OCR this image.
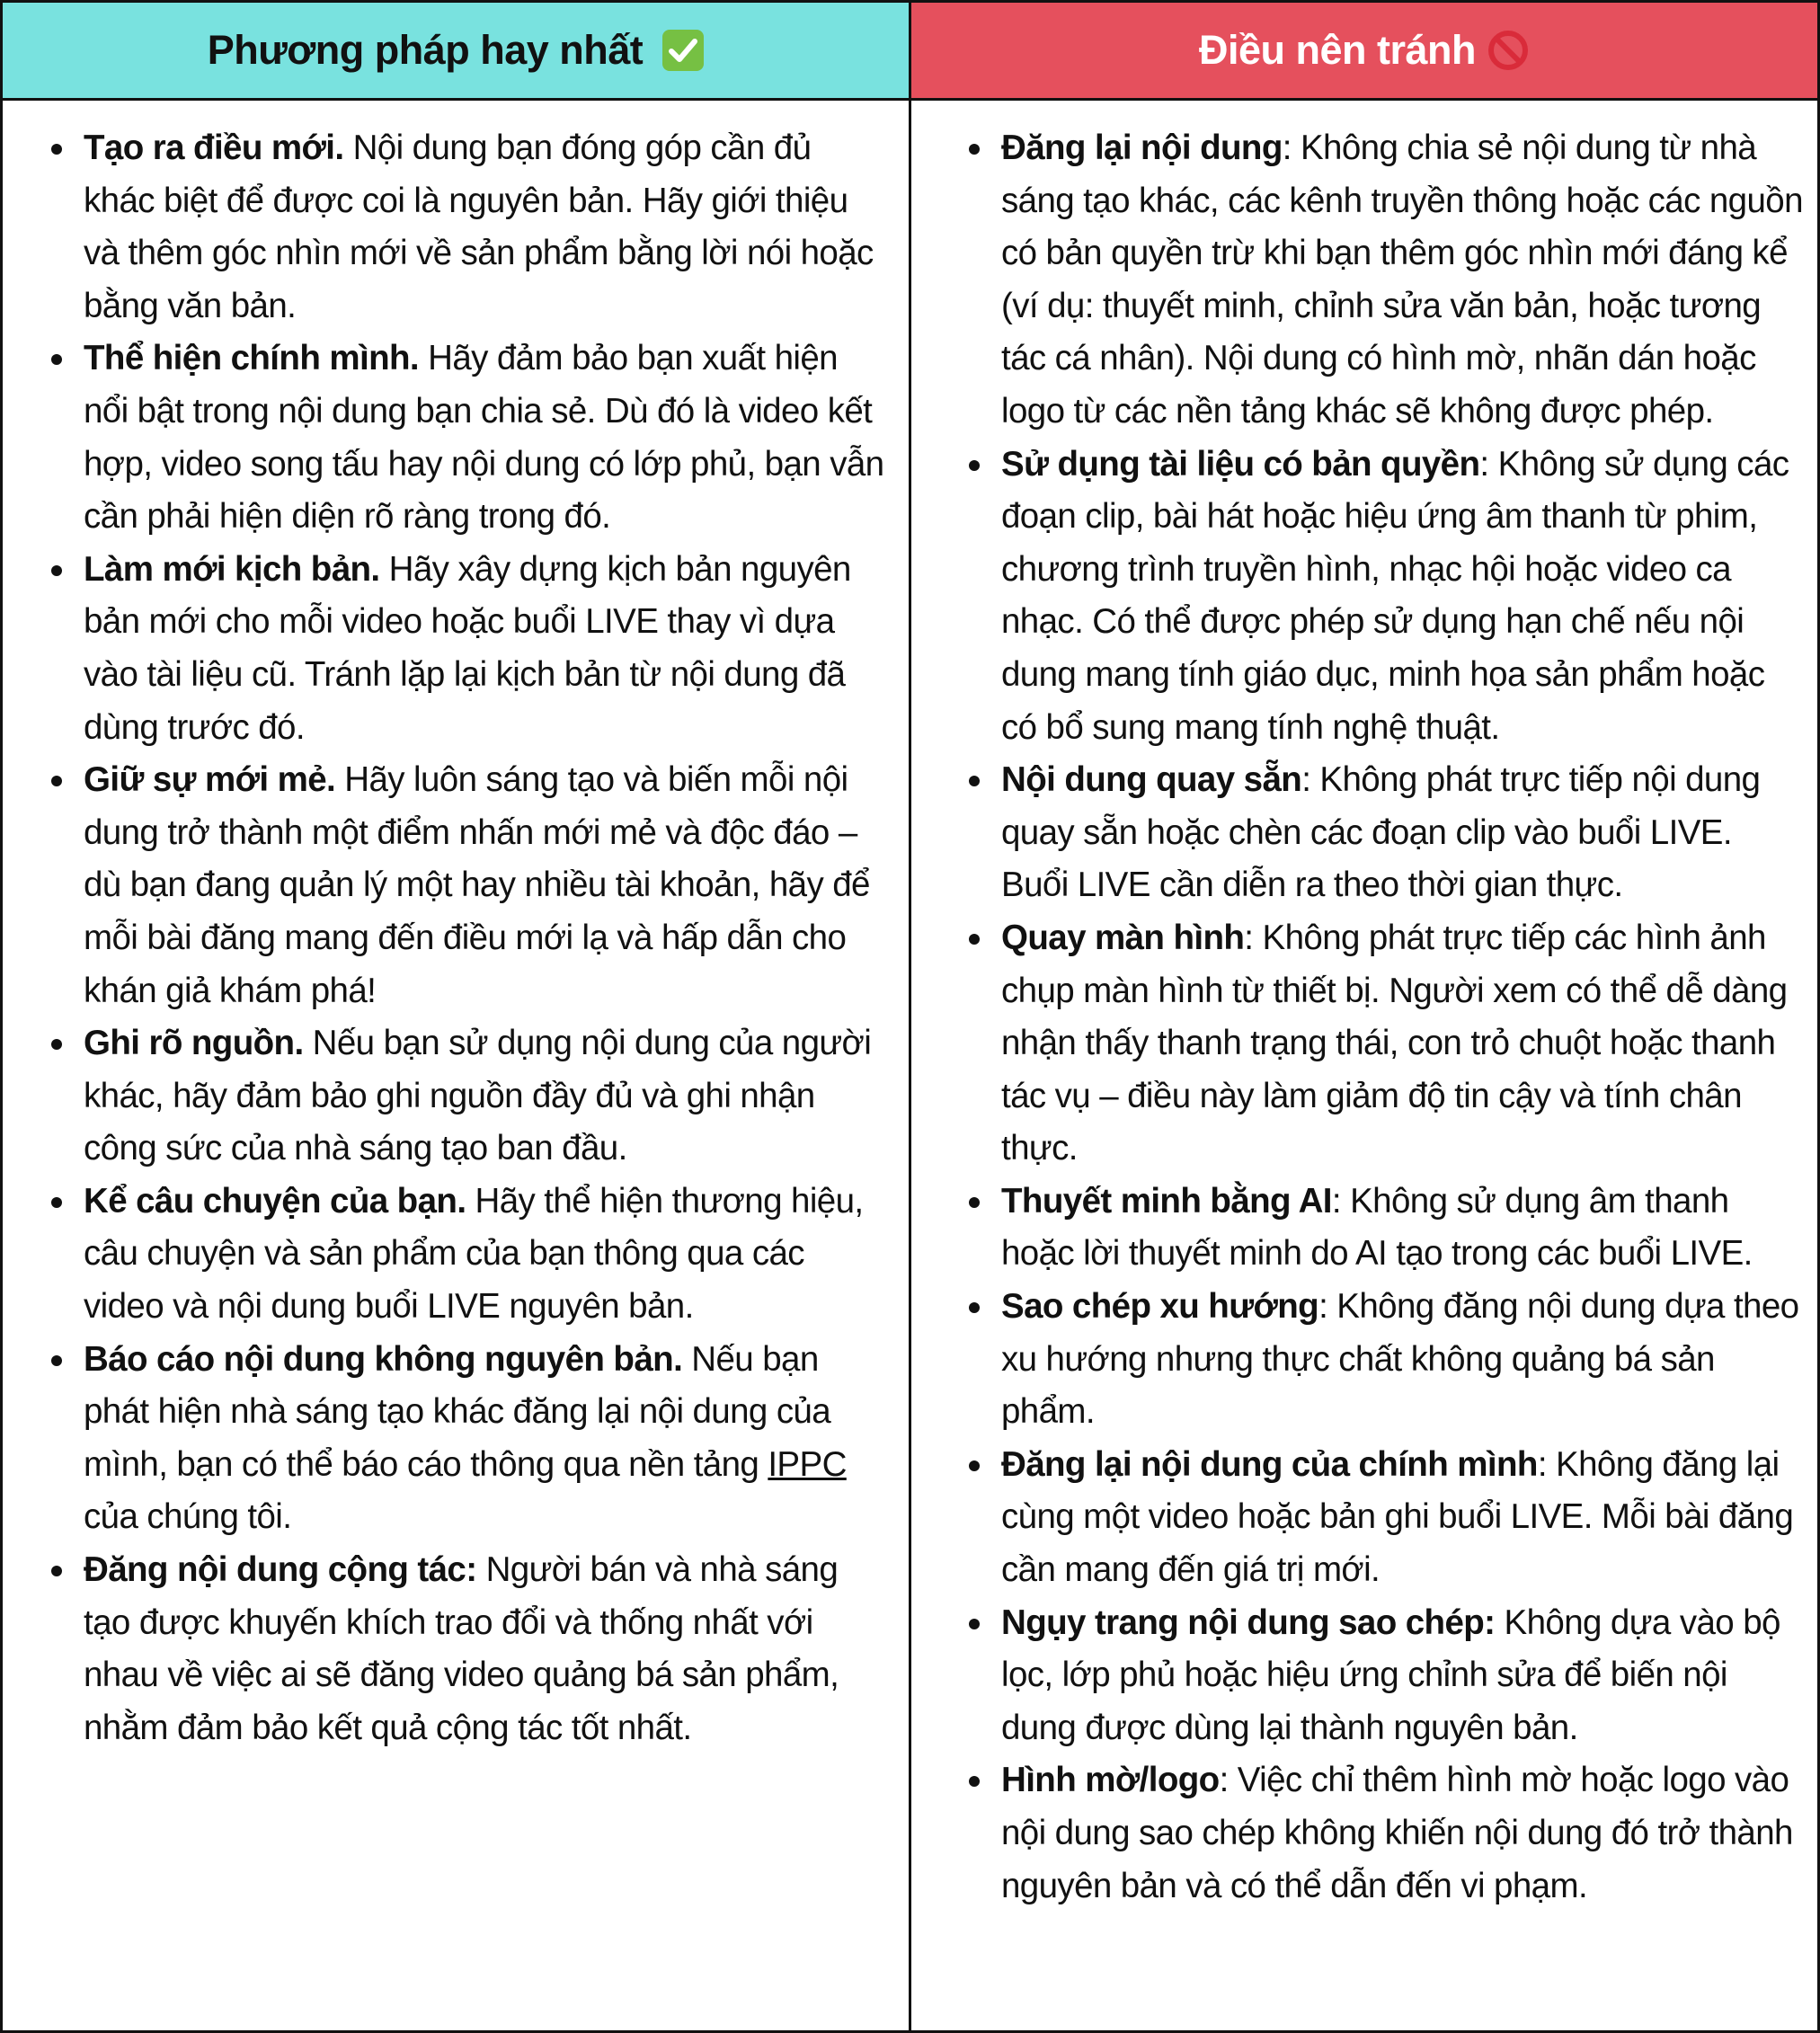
Phương pháp hay nhất
Tạo ra điều mới. Nội dung bạn đóng góp cần đủ khác biệt để được coi là nguyên bản. Hãy giới thiệu và thêm góc nhìn mới về sản phẩm bằng lời nói hoặc bằng văn bản.
Thể hiện chính mình. Hãy đảm bảo bạn xuất hiện nổi bật trong nội dung bạn chia sẻ. Dù đó là video kết hợp, video song tấu hay nội dung có lớp phủ, bạn vẫn cần phải hiện diện rõ ràng trong đó.
Làm mới kịch bản. Hãy xây dựng kịch bản nguyên bản mới cho mỗi video hoặc buổi LIVE thay vì dựa vào tài liệu cũ. Tránh lặp lại kịch bản từ nội dung đã dùng trước đó.
Giữ sự mới mẻ. Hãy luôn sáng tạo và biến mỗi nội dung trở thành một điểm nhấn mới mẻ và độc đáo – dù bạn đang quản lý một hay nhiều tài khoản, hãy để mỗi bài đăng mang đến điều mới lạ và hấp dẫn cho khán giả khám phá!
Ghi rõ nguồn. Nếu bạn sử dụng nội dung của người khác, hãy đảm bảo ghi nguồn đầy đủ và ghi nhận công sức của nhà sáng tạo ban đầu.
Kể câu chuyện của bạn. Hãy thể hiện thương hiệu, câu chuyện và sản phẩm của bạn thông qua các video và nội dung buổi LIVE nguyên bản.
Báo cáo nội dung không nguyên bản. Nếu bạn phát hiện nhà sáng tạo khác đăng lại nội dung của mình, bạn có thể báo cáo thông qua nền tảng IPPC của chúng tôi.
Đăng nội dung cộng tác: Người bán và nhà sáng tạo được khuyến khích trao đổi và thống nhất với nhau về việc ai sẽ đăng video quảng bá sản phẩm, nhằm đảm bảo kết quả cộng tác tốt nhất.
Điều nên tránh
Đăng lại nội dung: Không chia sẻ nội dung từ nhà sáng tạo khác, các kênh truyền thông hoặc các nguồn có bản quyền trừ khi bạn thêm góc nhìn mới đáng kể (ví dụ: thuyết minh, chỉnh sửa văn bản, hoặc tương tác cá nhân). Nội dung có hình mờ, nhãn dán hoặc logo từ các nền tảng khác sẽ không được phép.
Sử dụng tài liệu có bản quyền: Không sử dụng các đoạn clip, bài hát hoặc hiệu ứng âm thanh từ phim, chương trình truyền hình, nhạc hội hoặc video ca nhạc. Có thể được phép sử dụng hạn chế nếu nội dung mang tính giáo dục, minh họa sản phẩm hoặc có bổ sung mang tính nghệ thuật.
Nội dung quay sẵn: Không phát trực tiếp nội dung quay sẵn hoặc chèn các đoạn clip vào buổi LIVE. Buổi LIVE cần diễn ra theo thời gian thực.
Quay màn hình: Không phát trực tiếp các hình ảnh chụp màn hình từ thiết bị. Người xem có thể dễ dàng nhận thấy thanh trạng thái, con trỏ chuột hoặc thanh tác vụ – điều này làm giảm độ tin cậy và tính chân thực.
Thuyết minh bằng AI: Không sử dụng âm thanh hoặc lời thuyết minh do AI tạo trong các buổi LIVE.
Sao chép xu hướng: Không đăng nội dung dựa theo xu hướng nhưng thực chất không quảng bá sản phẩm.
Đăng lại nội dung của chính mình: Không đăng lại cùng một video hoặc bản ghi buổi LIVE. Mỗi bài đăng cần mang đến giá trị mới.
Ngụy trang nội dung sao chép: Không dựa vào bộ lọc, lớp phủ hoặc hiệu ứng chỉnh sửa để biến nội dung được dùng lại thành nguyên bản.
Hình mờ/logo: Việc chỉ thêm hình mờ hoặc logo vào nội dung sao chép không khiến nội dung đó trở thành nguyên bản và có thể dẫn đến vi phạm.
